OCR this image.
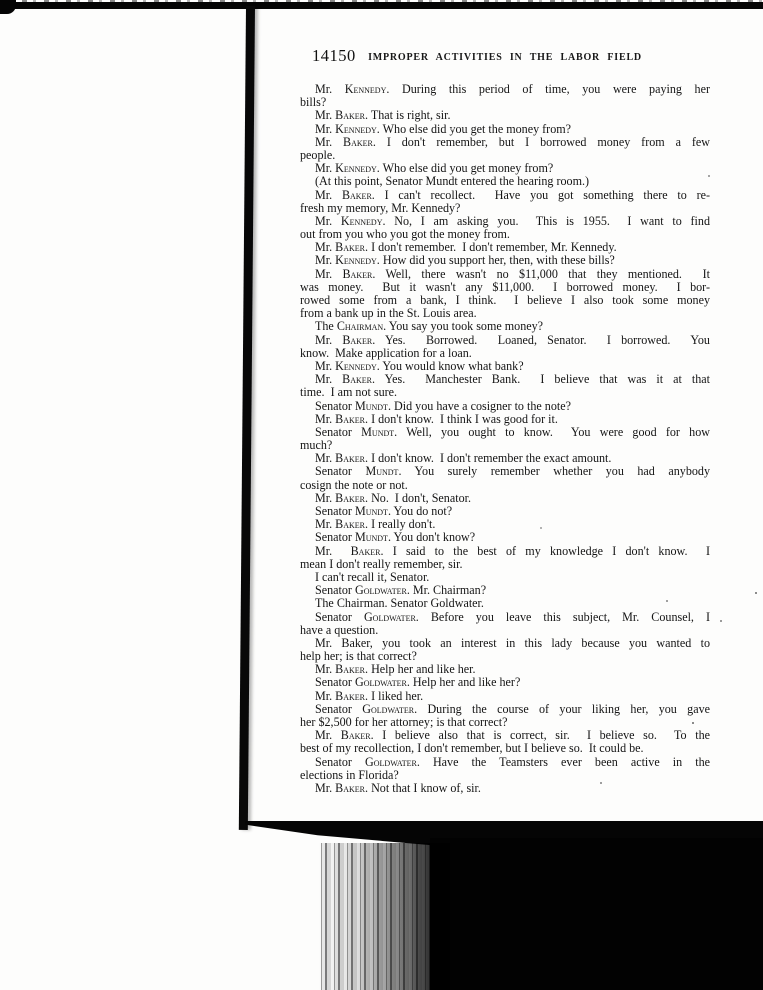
14150	IMPROPER ACTIVITIES IN THE LABOR FIELD
Mr. Kennedy. During this period of time, you were paying her
bills?
Mr. Baker. That is right, sir.
Mr. Kennedy. Who else did you get the money from?
Mr. Baker. I don't remember, but I borrowed money from a few
people.
Mr. Kennedy. Who else did you get money from?
(At this point, Senator Mundt entered the hearing room.)
Mr. Baker. I can't recollect.  Have you got something there to re-
fresh my memory, Mr. Kennedy?
Mr. Kennedy. No, I am asking you.  This is 1955.  I want to find
out from you who you got the money from.
Mr. Baker. I don't remember.  I don't remember, Mr. Kennedy.
Mr. Kennedy. How did you support her, then, with these bills?
Mr. Baker. Well, there wasn't no $11,000 that they mentioned.  It
was money.  But it wasn't any $11,000.  I borrowed money.  I bor-
rowed some from a bank, I think.  I believe I also took some money
from a bank up in the St. Louis area.
The Chairman. You say you took some money?
Mr. Baker. Yes.  Borrowed.  Loaned, Senator.  I borrowed.  You
know.  Make application for a loan.
Mr. Kennedy. You would know what bank?
Mr. Baker. Yes.  Manchester Bank.  I believe that was it at that
time.  I am not sure.
Senator Mundt. Did you have a cosigner to the note?
Mr. Baker. I don't know.  I think I was good for it.
Senator Mundt. Well, you ought to know.  You were good for how
much?
Mr. Baker. I don't know.  I don't remember the exact amount.
Senator Mundt. You surely remember whether you had anybody
cosign the note or not.
Mr. Baker. No.  I don't, Senator.
Senator Mundt. You do not?
Mr. Baker. I really don't.
Senator Mundt. You don't know?
Mr.  Baker. I said to the best of my knowledge I don't know.  I
mean I don't really remember, sir.
I can't recall it, Senator.
Senator Goldwater. Mr. Chairman?
The Chairman. Senator Goldwater.
Senator Goldwater. Before you leave this subject, Mr. Counsel, I
have a question.
Mr. Baker, you took an interest in this lady because you wanted to
help her; is that correct?
Mr. Baker. Help her and like her.
Senator Goldwater. Help her and like her?
Mr. Baker. I liked her.
Senator Goldwater. During the course of your liking her, you gave
her $2,500 for her attorney; is that correct?
Mr. Baker. I believe also that is correct, sir.  I believe so.  To the
best of my recollection, I don't remember, but I believe so.  It could be.
Senator Goldwater. Have the Teamsters ever been active in the
elections in Florida?
Mr. Baker. Not that I know of, sir.
